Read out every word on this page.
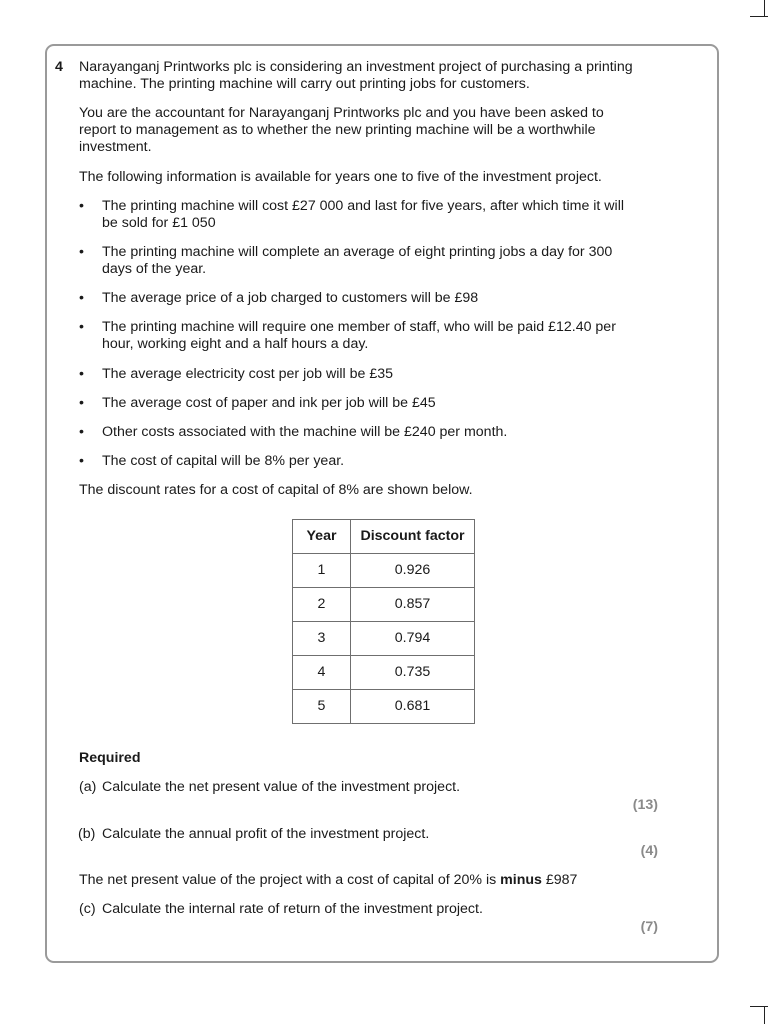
4 Narayanganj Printworks plc is considering an investment project of purchasing a printing machine. The printing machine will carry out printing jobs for customers.
You are the accountant for Narayanganj Printworks plc and you have been asked to report to management as to whether the new printing machine will be a worthwhile investment.
The following information is available for years one to five of the investment project.
• The printing machine will cost £27 000 and last for five years, after which time it will be sold for £1 050
• The printing machine will complete an average of eight printing jobs a day for 300 days of the year.
• The average price of a job charged to customers will be £98
• The printing machine will require one member of staff, who will be paid £12.40 per hour, working eight and a half hours a day.
• The average electricity cost per job will be £35
• The average cost of paper and ink per job will be £45
• Other costs associated with the machine will be £240 per month.
• The cost of capital will be 8% per year.
The discount rates for a cost of capital of 8% are shown below.
Year	Discount factor
1	0.926
2	0.857
3	0.794
4	0.735
5	0.681
Required
(a) Calculate the net present value of the investment project.
(13)
(b) Calculate the annual profit of the investment project.
(4)
The net present value of the project with a cost of capital of 20% is minus £987
(c) Calculate the internal rate of return of the investment project.
(7)
